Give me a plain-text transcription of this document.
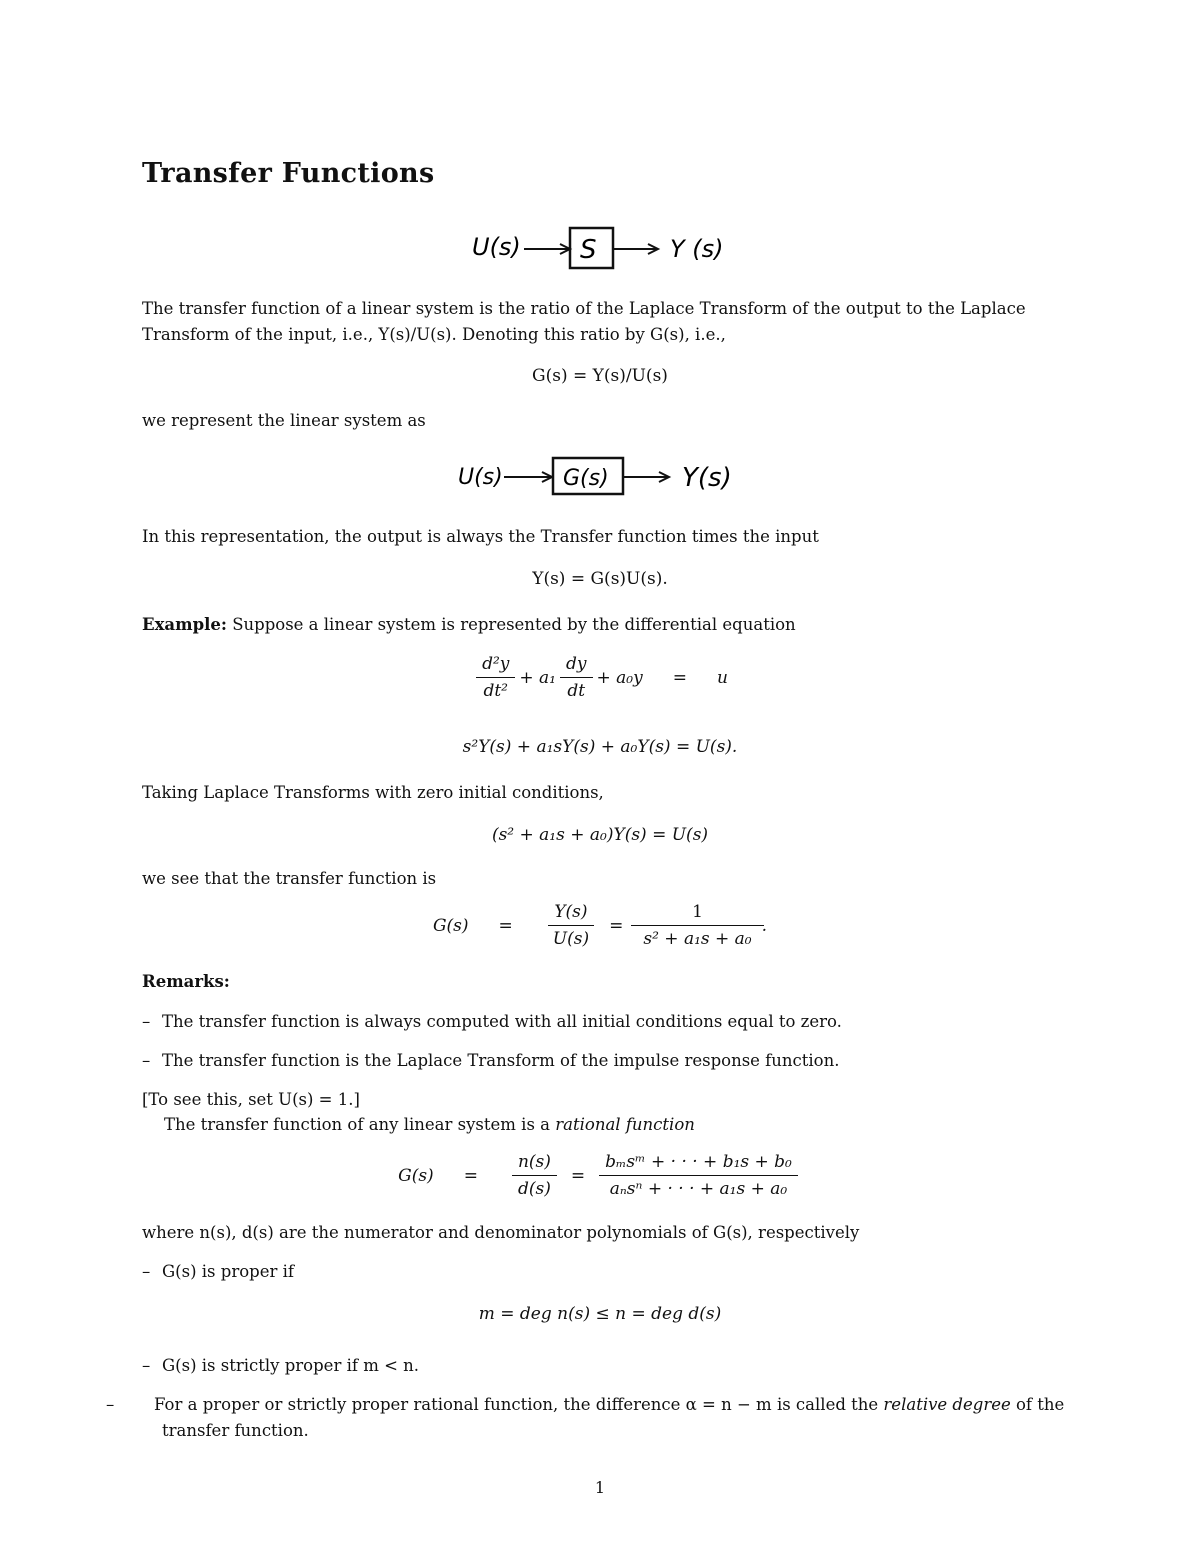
Transfer Functions
U(s) S	Y (s)
The transfer function of a linear system is the ratio of the Laplace Transform of the output to the Laplace Transform of the input, i.e., Y(s)/U(s). Denoting this ratio by G(s), i.e.,
G(s) = Y(s)/U(s)
we represent the linear system as
U(s)	G(s)	Y(s)
In this representation, the output is always the Transfer function times the input
Y(s) = G(s)U(s).
Example: Suppose a linear system is represented by the differential equation
$\frac{\text{d²y}}{\text{dt²}} + a_1 \frac{dy}{dt} + a_0y = u$
s²Y(s) + a₁sY(s) + a₀Y(s) = U(s).
Taking Laplace Transforms with zero initial conditions,
(s² + a₁s + a₀)Y(s) = U(s)
we see that the transfer function is
$G(s) = \frac{Y(s)}{U(s)} = \frac{1}{\text{s² + a₁s + a₀}}$ .
Remarks:
– The transfer function is always computed with all initial conditions equal to zero.
– The transfer function is the Laplace Transform of the impulse response function.
[To see this, set U(s) = 1.]
The transfer function of any linear system is a rational function
$G(s) = \frac{n(s)}{d(s)} = \frac{\text{bₘsᵐ + · · · + b₁s + b₀}}{\text{aₙsⁿ + · · · + a₁s + a₀}}$
where n(s), d(s) are the numerator and denominator polynomials of G(s), respectively
– G(s) is proper if
m = deg n(s) ≤ n = deg d(s)
– G(s) is strictly proper if m < n.
– For a proper or strictly proper rational function, the difference α = n − m is called the relative degree of the transfer function.
1
